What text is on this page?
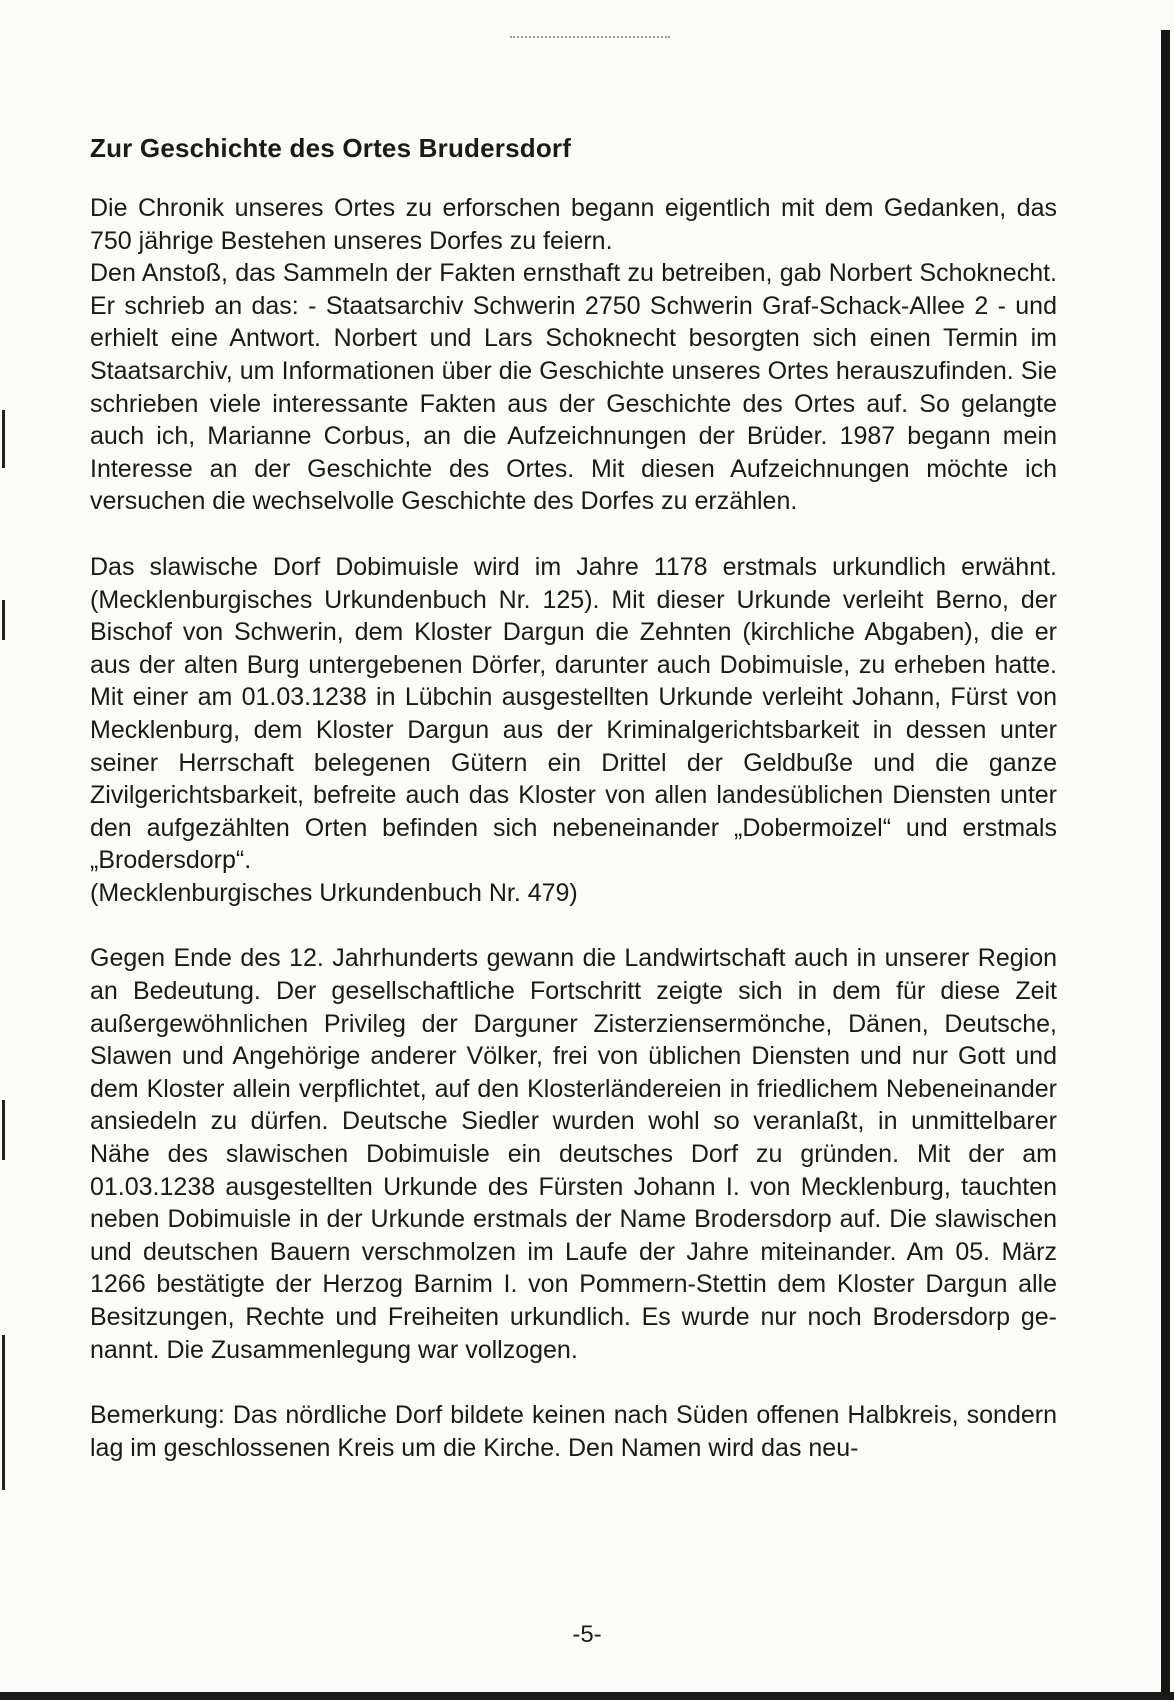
Zur Geschichte des Ortes Brudersdorf

Die Chronik unseres Ortes zu erforschen begann eigentlich mit dem Gedanken, das 750 jährige Bestehen unseres Dorfes zu feiern.
Den Anstoß, das Sammeln der Fakten ernsthaft zu betreiben, gab Norbert Schoknecht. Er schrieb an das: - Staatsarchiv Schwerin 2750 Schwerin Graf-Schack-Allee 2 - und erhielt eine Antwort. Norbert und Lars Schoknecht besorgten sich einen Termin im Staatsarchiv, um Informationen über die Geschichte unseres Ortes herauszufinden. Sie schrieben viele interessante Fakten aus der Geschichte des Ortes auf. So gelangte auch ich, Marianne Corbus, an die Aufzeichnungen der Brüder. 1987 begann mein Interesse an der Geschichte des Ortes. Mit diesen Aufzeichnungen möchte ich versuchen die wechselvolle Geschichte des Dorfes zu erzählen.

Das slawische Dorf Dobimuisle wird im Jahre 1178 erstmals urkundlich erwähnt. (Mecklenburgisches Urkundenbuch Nr. 125). Mit dieser Urkunde verleiht Berno, der Bischof von Schwerin, dem Kloster Dargun die Zehnten (kirchliche Abgaben), die er aus der alten Burg untergebenen Dörfer, darunter auch Dobimuisle, zu erheben hatte. Mit einer am 01.03.1238 in Lübchin ausgestellten Urkunde verleiht Johann, Fürst von Mecklenburg, dem Kloster Dargun aus der Kriminalgerichtsbarkeit in dessen unter seiner Herrschaft belegenen Gütern ein Drittel der Geldbuße und die ganze Zivilgerichtsbarkeit, befreite auch das Kloster von allen landesüblichen Diensten unter den aufgezählten Orten befinden sich nebeneinander „Dobermoizel“ und erstmals „Brodersdorp“.
(Mecklenburgisches Urkundenbuch Nr. 479)

Gegen Ende des 12. Jahrhunderts gewann die Landwirtschaft auch in unserer Region an Bedeutung. Der gesellschaftliche Fortschritt zeigte sich in dem für diese Zeit außergewöhnlichen Privileg der Darguner Zisterziensermönche, Dänen, Deutsche, Slawen und Angehörige anderer Völker, frei von üblichen Diensten und nur Gott und dem Kloster allein verpflichtet, auf den Klosterländereien in friedlichem Nebeneinander ansiedeln zu dürfen. Deutsche Siedler wurden wohl so veranlaßt, in unmittelbarer Nähe des slawischen Dobimuisle ein deutsches Dorf zu gründen. Mit der am 01.03.1238 ausgestellten Urkunde des Fürsten Johann I. von Mecklenburg, tauchten neben Dobimuisle in der Urkunde erstmals der Name Brodersdorp auf. Die slawischen und deutschen Bauern verschmolzen im Laufe der Jahre miteinander. Am 05. März 1266 bestätigte der Herzog Barnim I. von Pommern-Stettin dem Kloster Dargun alle Besitzungen, Rechte und Freiheiten urkundlich. Es wurde nur noch Brodersdorp genannt. Die Zusammenlegung war vollzogen.

Bemerkung: Das nördliche Dorf bildete keinen nach Süden offenen Halbkreis, sondern lag im geschlossenen Kreis um die Kirche. Den Namen wird das neu-

-5-
